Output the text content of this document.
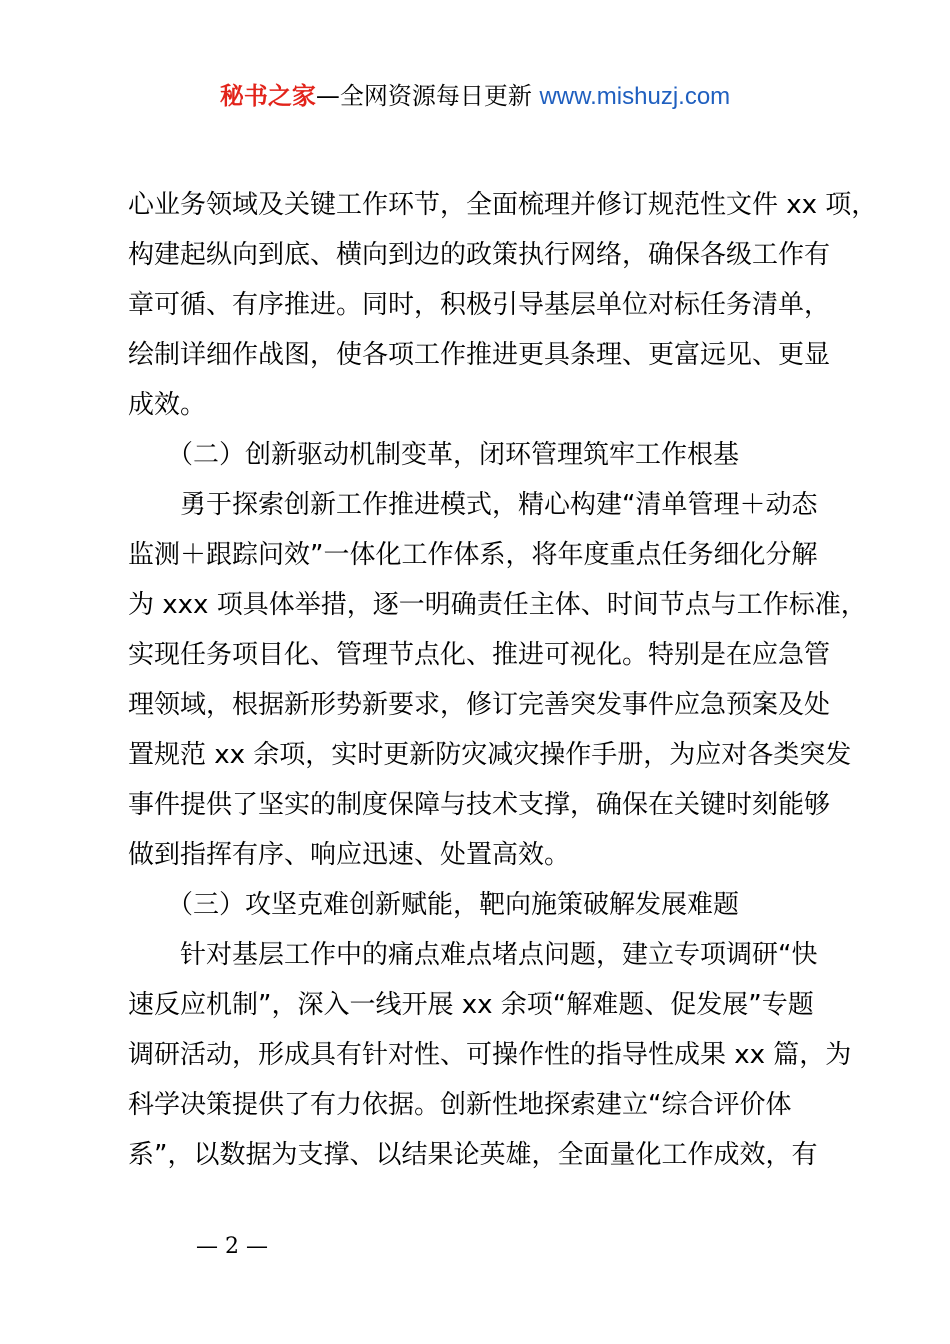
秘书之家—全网资源每日更新 www.mishuzj.com
心业务领域及关键工作环节，全面梳理并修订规范性文件 xx 项，
构建起纵向到底、横向到边的政策执行网络，确保各级工作有
章可循、有序推进。同时，积极引导基层单位对标任务清单，
绘制详细作战图，使各项工作推进更具条理、更富远见、更显
成效。
　　（二）创新驱动机制变革，闭环管理筑牢工作根基
　　勇于探索创新工作推进模式，精心构建“清单管理＋动态
监测＋跟踪问效”一体化工作体系，将年度重点任务细化分解
为 xxx 项具体举措，逐一明确责任主体、时间节点与工作标准，
实现任务项目化、管理节点化、推进可视化。特别是在应急管
理领域，根据新形势新要求，修订完善突发事件应急预案及处
置规范 xx 余项，实时更新防灾减灾操作手册，为应对各类突发
事件提供了坚实的制度保障与技术支撑，确保在关键时刻能够
做到指挥有序、响应迅速、处置高效。
　　（三）攻坚克难创新赋能，靶向施策破解发展难题
　　针对基层工作中的痛点难点堵点问题，建立专项调研“快
速反应机制”，深入一线开展 xx 余项“解难题、促发展”专题
调研活动，形成具有针对性、可操作性的指导性成果 xx 篇，为
科学决策提供了有力依据。创新性地探索建立“综合评价体
系”，以数据为支撑、以结果论英雄，全面量化工作成效，有
— 2 —
